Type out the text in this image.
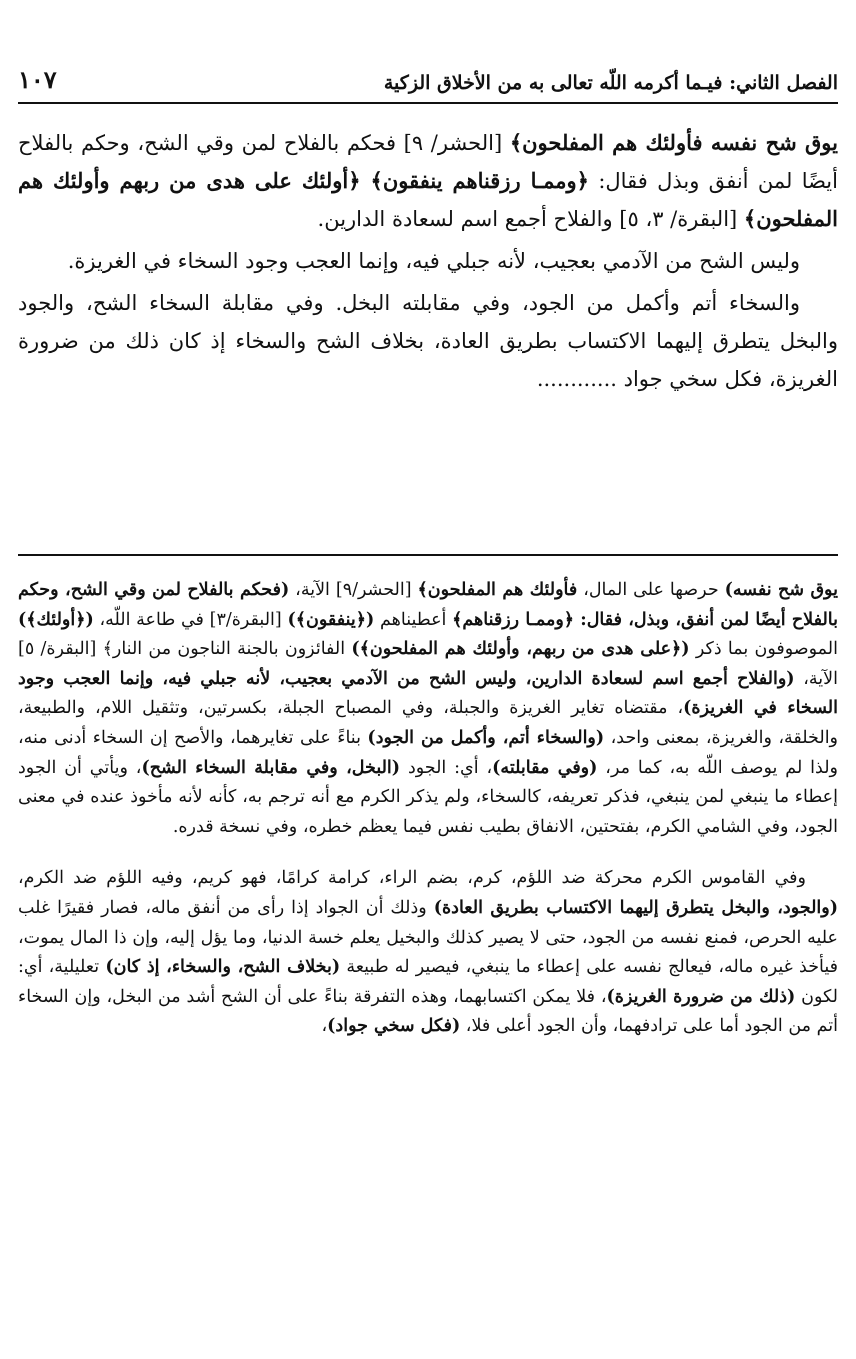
الفصل الثاني: فيـما أكرمه اللّه تعالى به من الأخلاق الزكية
١٠٧

يوق شح نفسه فأولئك هم المفلحون﴾ [الحشر/ ٩] فحكم بالفلاح لمن وقي الشح، وحكم بالفلاح أيضًا لمن أنفق وبذل فقال: ﴿وممـا رزقناهم ينفقون﴾ ﴿أولئك على هدى من ربهم وأولئك هم المفلحون﴾ [البقرة/ ٣، ٥] والفلاح أجمع اسم لسعادة الدارين.

وليس الشح من الآدمي بعجيب، لأنه جبلي فيه، وإنما العجب وجود السخاء في الغريزة.

والسخاء أتم وأكمل من الجود، وفي مقابلته البخل. وفي مقابلة السخاء الشح، والجود والبخل يتطرق إليهما الاكتساب بطريق العادة، بخلاف الشح والسخاء إذ كان ذلك من ضرورة الغريزة، فكل سخي جواد ............

يوق شح نفسه) حرصها على المال، فأولئك هم المفلحون﴾ [الحشر/٩] الآية، (فحكم بالفلاح لمن وقي الشح، وحكم بالفلاح أيضًا لمن أنفق، وبذل، فقال: ﴿وممـا رزقناهم﴾ أعطيناهم (﴿ينفقون﴾) [البقرة/٣] في طاعة اللّه، (﴿أولئك﴾) الموصوفون بما ذكر (﴿على هدى من ربهم، وأولئك هم المفلحون﴾) الفائزون بالجنة الناجون من النار﴾ [البقرة/ ٥] الآية، (والفلاح أجمع اسم لسعادة الدارين، وليس الشح من الآدمي بعجيب، لأنه جبلي فيه، وإنما العجب وجود السخاء في الغريزة)، مقتضاه تغاير الغريزة والجبلة، وفي المصباح الجبلة، بكسرتين، وتثقيل اللام، والطبيعة، والخلقة، والغريزة، بمعنى واحد، (والسخاء أتم، وأكمل من الجود) بناءً على تغايرهما، والأصح إن السخاء أدنى منه، ولذا لم يوصف اللّه به، كما مر، (وفي مقابلته)، أي: الجود (البخل، وفي مقابلة السخاء الشح)، ويأتي أن الجود إعطاء ما ينبغي لمن ينبغي، فذكر تعريفه، كالسخاء، ولم يذكر الكرم مع أنه ترجم به، كأنه لأنه مأخوذ عنده في معنى الجود، وفي الشامي الكرم، بفتحتين، الانفاق بطيب نفس فيما يعظم خطره، وفي نسخة قدره.

وفي القاموس الكرم محركة ضد اللؤم، كرم، بضم الراء، كرامة كرامًا، فهو كريم، وفيه اللؤم ضد الكرم، (والجود، والبخل يتطرق إليهما الاكتساب بطريق العادة) وذلك أن الجواد إذا رأى من أنفق ماله، فصار فقيرًا غلب عليه الحرص، فمنع نفسه من الجود، حتى لا يصير كذلك والبخيل يعلم خسة الدنيا، وما يؤل إليه، وإن ذا المال يموت، فيأخذ غيره ماله، فيعالج نفسه على إعطاء ما ينبغي، فيصير له طبيعة (بخلاف الشح، والسخاء، إذ كان) تعليلية، أي: لكون (ذلك من ضرورة الغريزة)، فلا يمكن اكتسابهما، وهذه التفرقة بناءً على أن الشح أشد من البخل، وإن السخاء أتم من الجود أما على ترادفهما، وأن الجود أعلى فلا، (فكل سخي جواد)،
